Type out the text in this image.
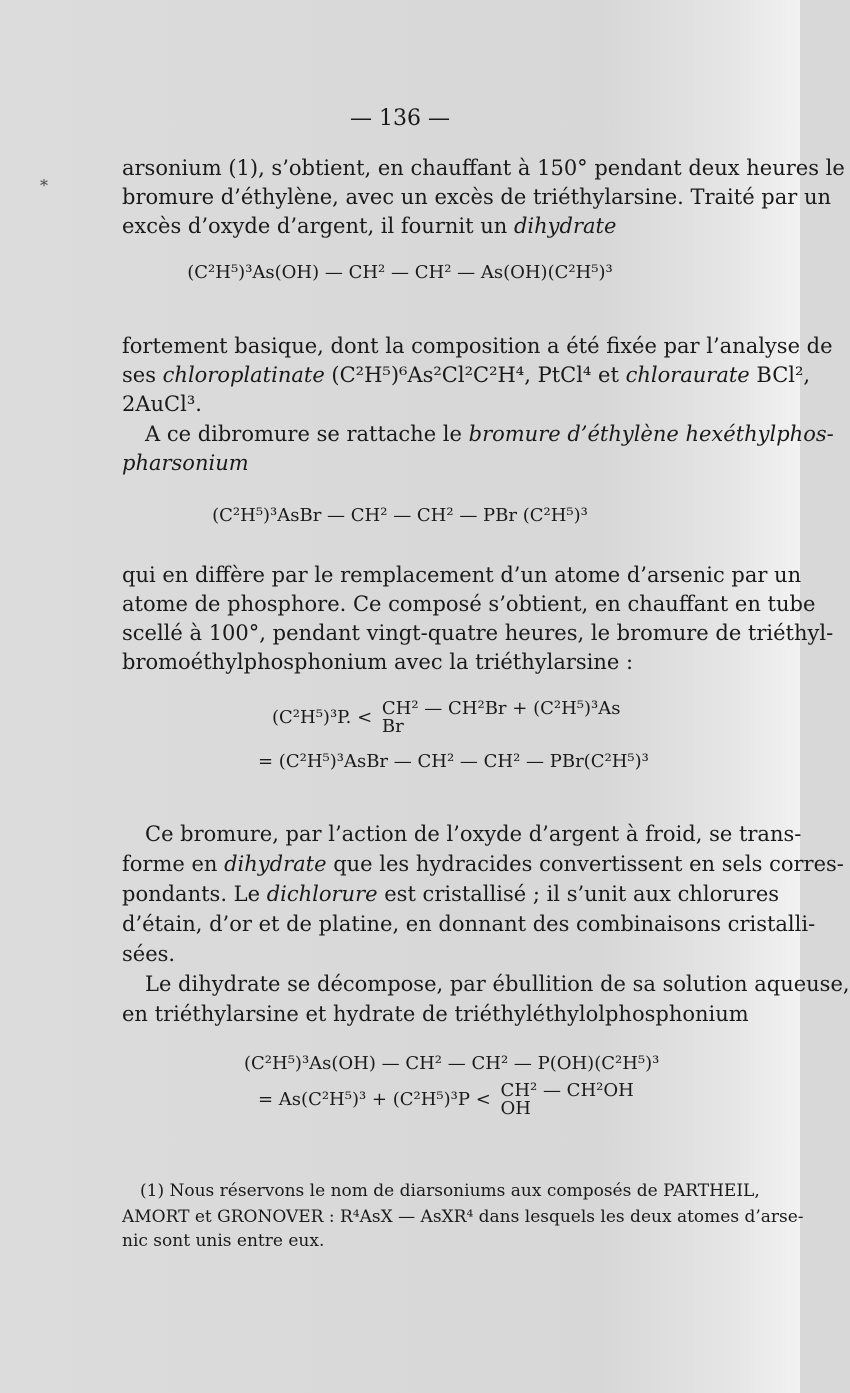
*
— 136 —
arsonium (1), s’obtient, en chauffant à 150° pendant deux heures le
bromure d’éthylène, avec un excès de triéthylarsine. Traité par un
excès d’oxyde d’argent, il fournit un dihydrate
(C²H⁵)³As(OH) — CH² — CH² — As(OH)(C²H⁵)³
fortement basique, dont la composition a été fixée par l’analyse de
ses chloroplatinate (C²H⁵)⁶As²Cl²C²H⁴, PtCl⁴ et chloraurate BCl²,
2AuCl³.
A ce dibromure se rattache le bromure d’éthylène hexéthylphos-
pharsonium
(C²H⁵)³AsBr — CH² — CH² — PBr (C²H⁵)³
qui en diffère par le remplacement d’un atome d’arsenic par un
atome de phosphore. Ce composé s’obtient, en chauffant en tube
scellé à 100°, pendant vingt-quatre heures, le bromure de triéthyl-
bromoéthylphosphonium avec la triéthylarsine :
(C²H⁵)³P. < CH² — CH²Br + (C²H⁵)³As
Br
= (C²H⁵)³AsBr — CH² — CH² — PBr(C²H⁵)³
Ce bromure, par l’action de l’oxyde d’argent à froid, se trans-
forme en dihydrate que les hydracides convertissent en sels corres-
pondants. Le dichlorure est cristallisé ; il s’unit aux chlorures
d’étain, d’or et de platine, en donnant des combinaisons cristalli-
sées.
Le dihydrate se décompose, par ébullition de sa solution aqueuse,
en triéthylarsine et hydrate de triéthyléthylolphosphonium
(C²H⁵)³As(OH) — CH² — CH² — P(OH)(C²H⁵)³
= As(C²H⁵)³ + (C²H⁵)³P < CH² — CH²OH
OH
(1) Nous réservons le nom de diarsoniums aux composés de PARTHEIL,
AMORT et GRONOVER : R⁴AsX — AsXR⁴ dans lesquels les deux atomes d’arse-
nic sont unis entre eux.
